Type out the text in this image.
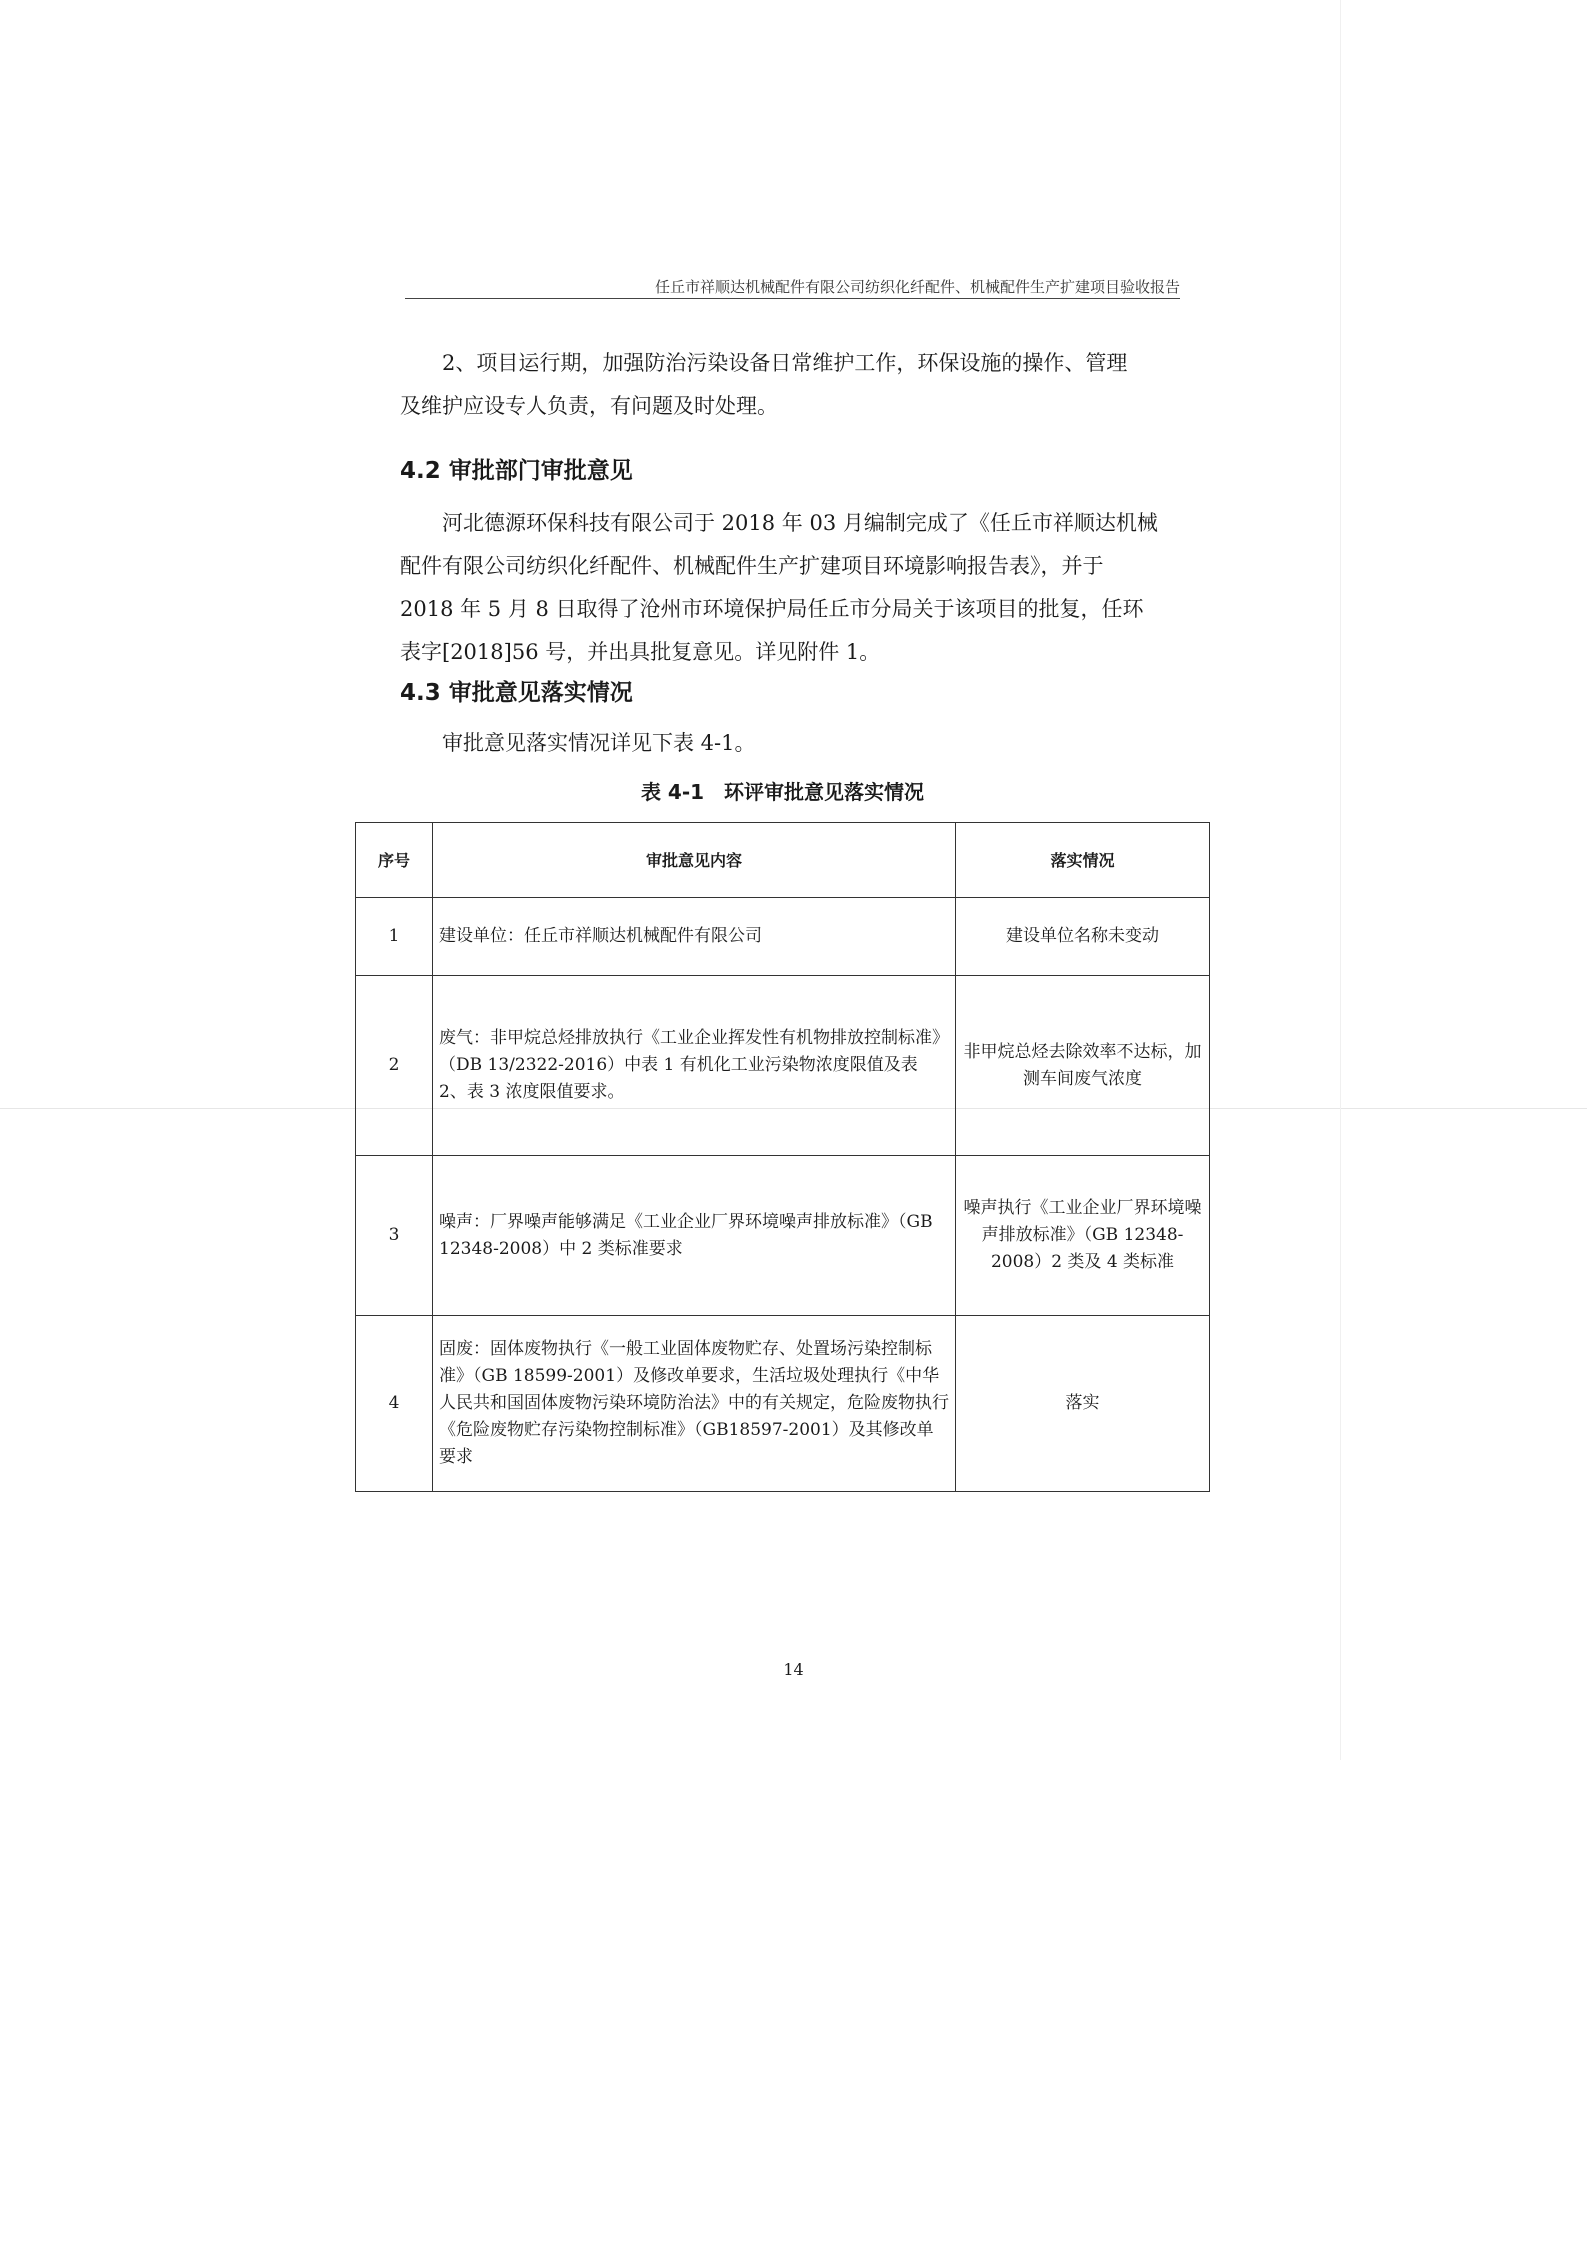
任丘市祥顺达机械配件有限公司纺织化纤配件、机械配件生产扩建项目验收报告

2、项目运行期，加强防治污染设备日常维护工作，环保设施的操作、管理
及维护应设专人负责，有问题及时处理。

4.2 审批部门审批意见

河北德源环保科技有限公司于 2018 年 03 月编制完成了《任丘市祥顺达机械
配件有限公司纺织化纤配件、机械配件生产扩建项目环境影响报告表》，并于
2018 年 5 月 8 日取得了沧州市环境保护局任丘市分局关于该项目的批复，任环
表字[2018]56 号，并出具批复意见。详见附件 1。

4.3 审批意见落实情况

审批意见落实情况详见下表 4-1。

表 4-1　环评审批意见落实情况
序号	审批意见内容	落实情况
1	建设单位：任丘市祥顺达机械配件有限公司	建设单位名称未变动
2	废气：非甲烷总烃排放执行《工业企业挥发性有机物排放控制标准》（DB 13/2322-2016）中表 1 有机化工业污染物浓度限值及表 2、表 3 浓度限值要求。	非甲烷总烃去除效率不达标，加测车间废气浓度
3	噪声：厂界噪声能够满足《工业企业厂界环境噪声排放标准》（GB 12348-2008）中 2 类标准要求	噪声执行《工业企业厂界环境噪声排放标准》（GB 12348-2008）2 类及 4 类标准
4	固废：固体废物执行《一般工业固体废物贮存、处置场污染控制标准》（GB 18599-2001）及修改单要求，生活垃圾处理执行《中华人民共和国固体废物污染环境防治法》中的有关规定，危险废物执行《危险废物贮存污染物控制标准》（GB18597-2001）及其修改单要求	落实
14
